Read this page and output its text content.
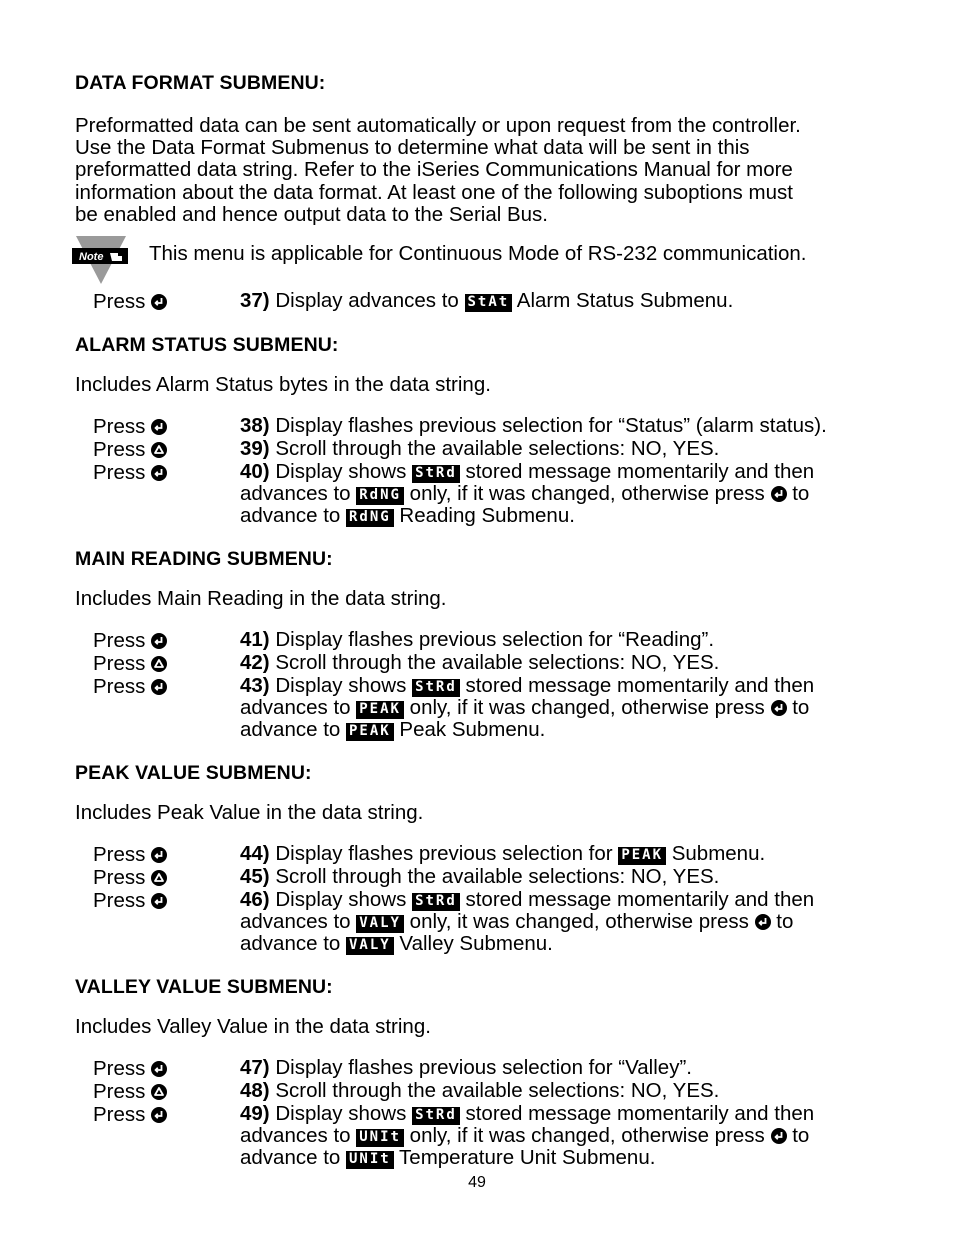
DATA FORMAT SUBMENU:
Preformatted data can be sent automatically or upon request from the controller.
Use the Data Format Submenus to determine what data will be sent in this
preformatted data string. Refer to the iSeries Communications Manual for more
information about the data format. At least one of the following suboptions must
be enabled and hence output data to the Serial Bus.
Note This menu is applicable for Continuous Mode of RS-232 communication.
Press	37) Display advances to StAt Alarm Status Submenu.
ALARM STATUS SUBMENU:
Includes Alarm Status bytes in the data string.
Press
Press
Press
38) Display flashes previous selection for “Status” (alarm status).
39) Scroll through the available selections: NO, YES.
40) Display shows StRd stored message momentarily and then
advances to RdNG only, if it was changed, otherwise press
to
advance to RdNG Reading Submenu.
MAIN READING SUBMENU:
Includes Main Reading in the data string.
Press
Press
Press
41) Display flashes previous selection for “Reading”.
42) Scroll through the available selections: NO, YES.
43) Display shows StRd stored message momentarily and then
advances to PEAK only, if it was changed, otherwise press
to
advance to PEAK Peak Submenu.
PEAK VALUE SUBMENU:
Includes Peak Value in the data string.
Press
Press
Press
44) Display flashes previous selection for PEAK Submenu.
45) Scroll through the available selections: NO, YES.
46) Display shows StRd stored message momentarily and then
advances to VALY only, it was changed, otherwise press
to
advance to VALY Valley Submenu.
VALLEY VALUE SUBMENU:
Includes Valley Value in the data string.
Press
Press
Press
47) Display flashes previous selection for “Valley”.
48) Scroll through the available selections: NO, YES.
49) Display shows StRd stored message momentarily and then
advances to UNIt only, if it was changed, otherwise press
to
advance to UNIt Temperature Unit Submenu.
49
